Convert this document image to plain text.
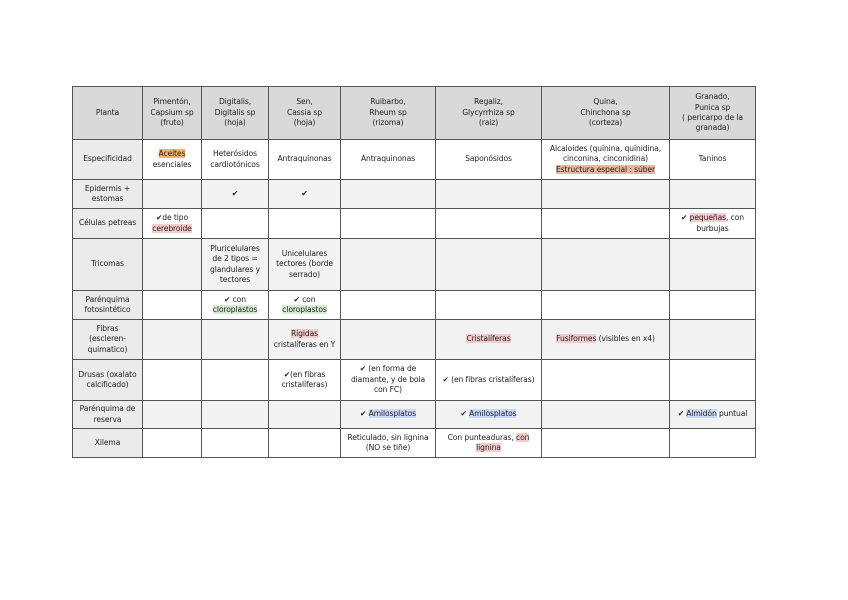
Planta	Pimentón,
Capsium sp
(fruto)	Digitalis,
Digitalis sp
(hoja)	Sen,
Cassia sp
(hoja)	Ruibarbo,
Rheum sp
(rizoma)	Regaliz,
Glycyrrhiza sp
(raiz)	Quina,
Chinchona sp
(corteza)	Granado,
Punica sp
( pericarpo de la
granada)

Especificidad	Aceites
esenciales	Heterósidos
cardiotónicos	Antraquinonas	Antraquinonas	Saponósidos	Alcaloides (quinina, quinidina,
cinconina, cinconidina)
Estructura especial : súber	Taninos

Epidermis +
estomas		✔	✔				
Células petreas	✔de tipo
cerebroide						✔ pequeñas, con
burbujas

Tricomas		Pluricelulares
de 2 tipos =
glandulares y
tectores	Unicelulares
tectores (borde
serrado)				

Parénquima
fotosintético		✔ con
cloroplastos	✔ con
cloroplastos				

Fibras
(escleren-
quimatico)			Rígidas
cristalíferas en Y		Cristalíferas	Fusiformes (visibles en x4)	

Drusas (oxalato
calcificado)			✔(en fibras
cristalíferas)	✔ (en forma de
diamante, y de bola
con FC)	✔ (en fibras cristalíferas)		

Parénquima de
reserva				✔ Amilosplatos	✔ Amilosplatos		✔ Almidón puntual
Xilema				Reticulado, sin lignina
(NO se tiñe)	Con punteaduras, con
lignina		
